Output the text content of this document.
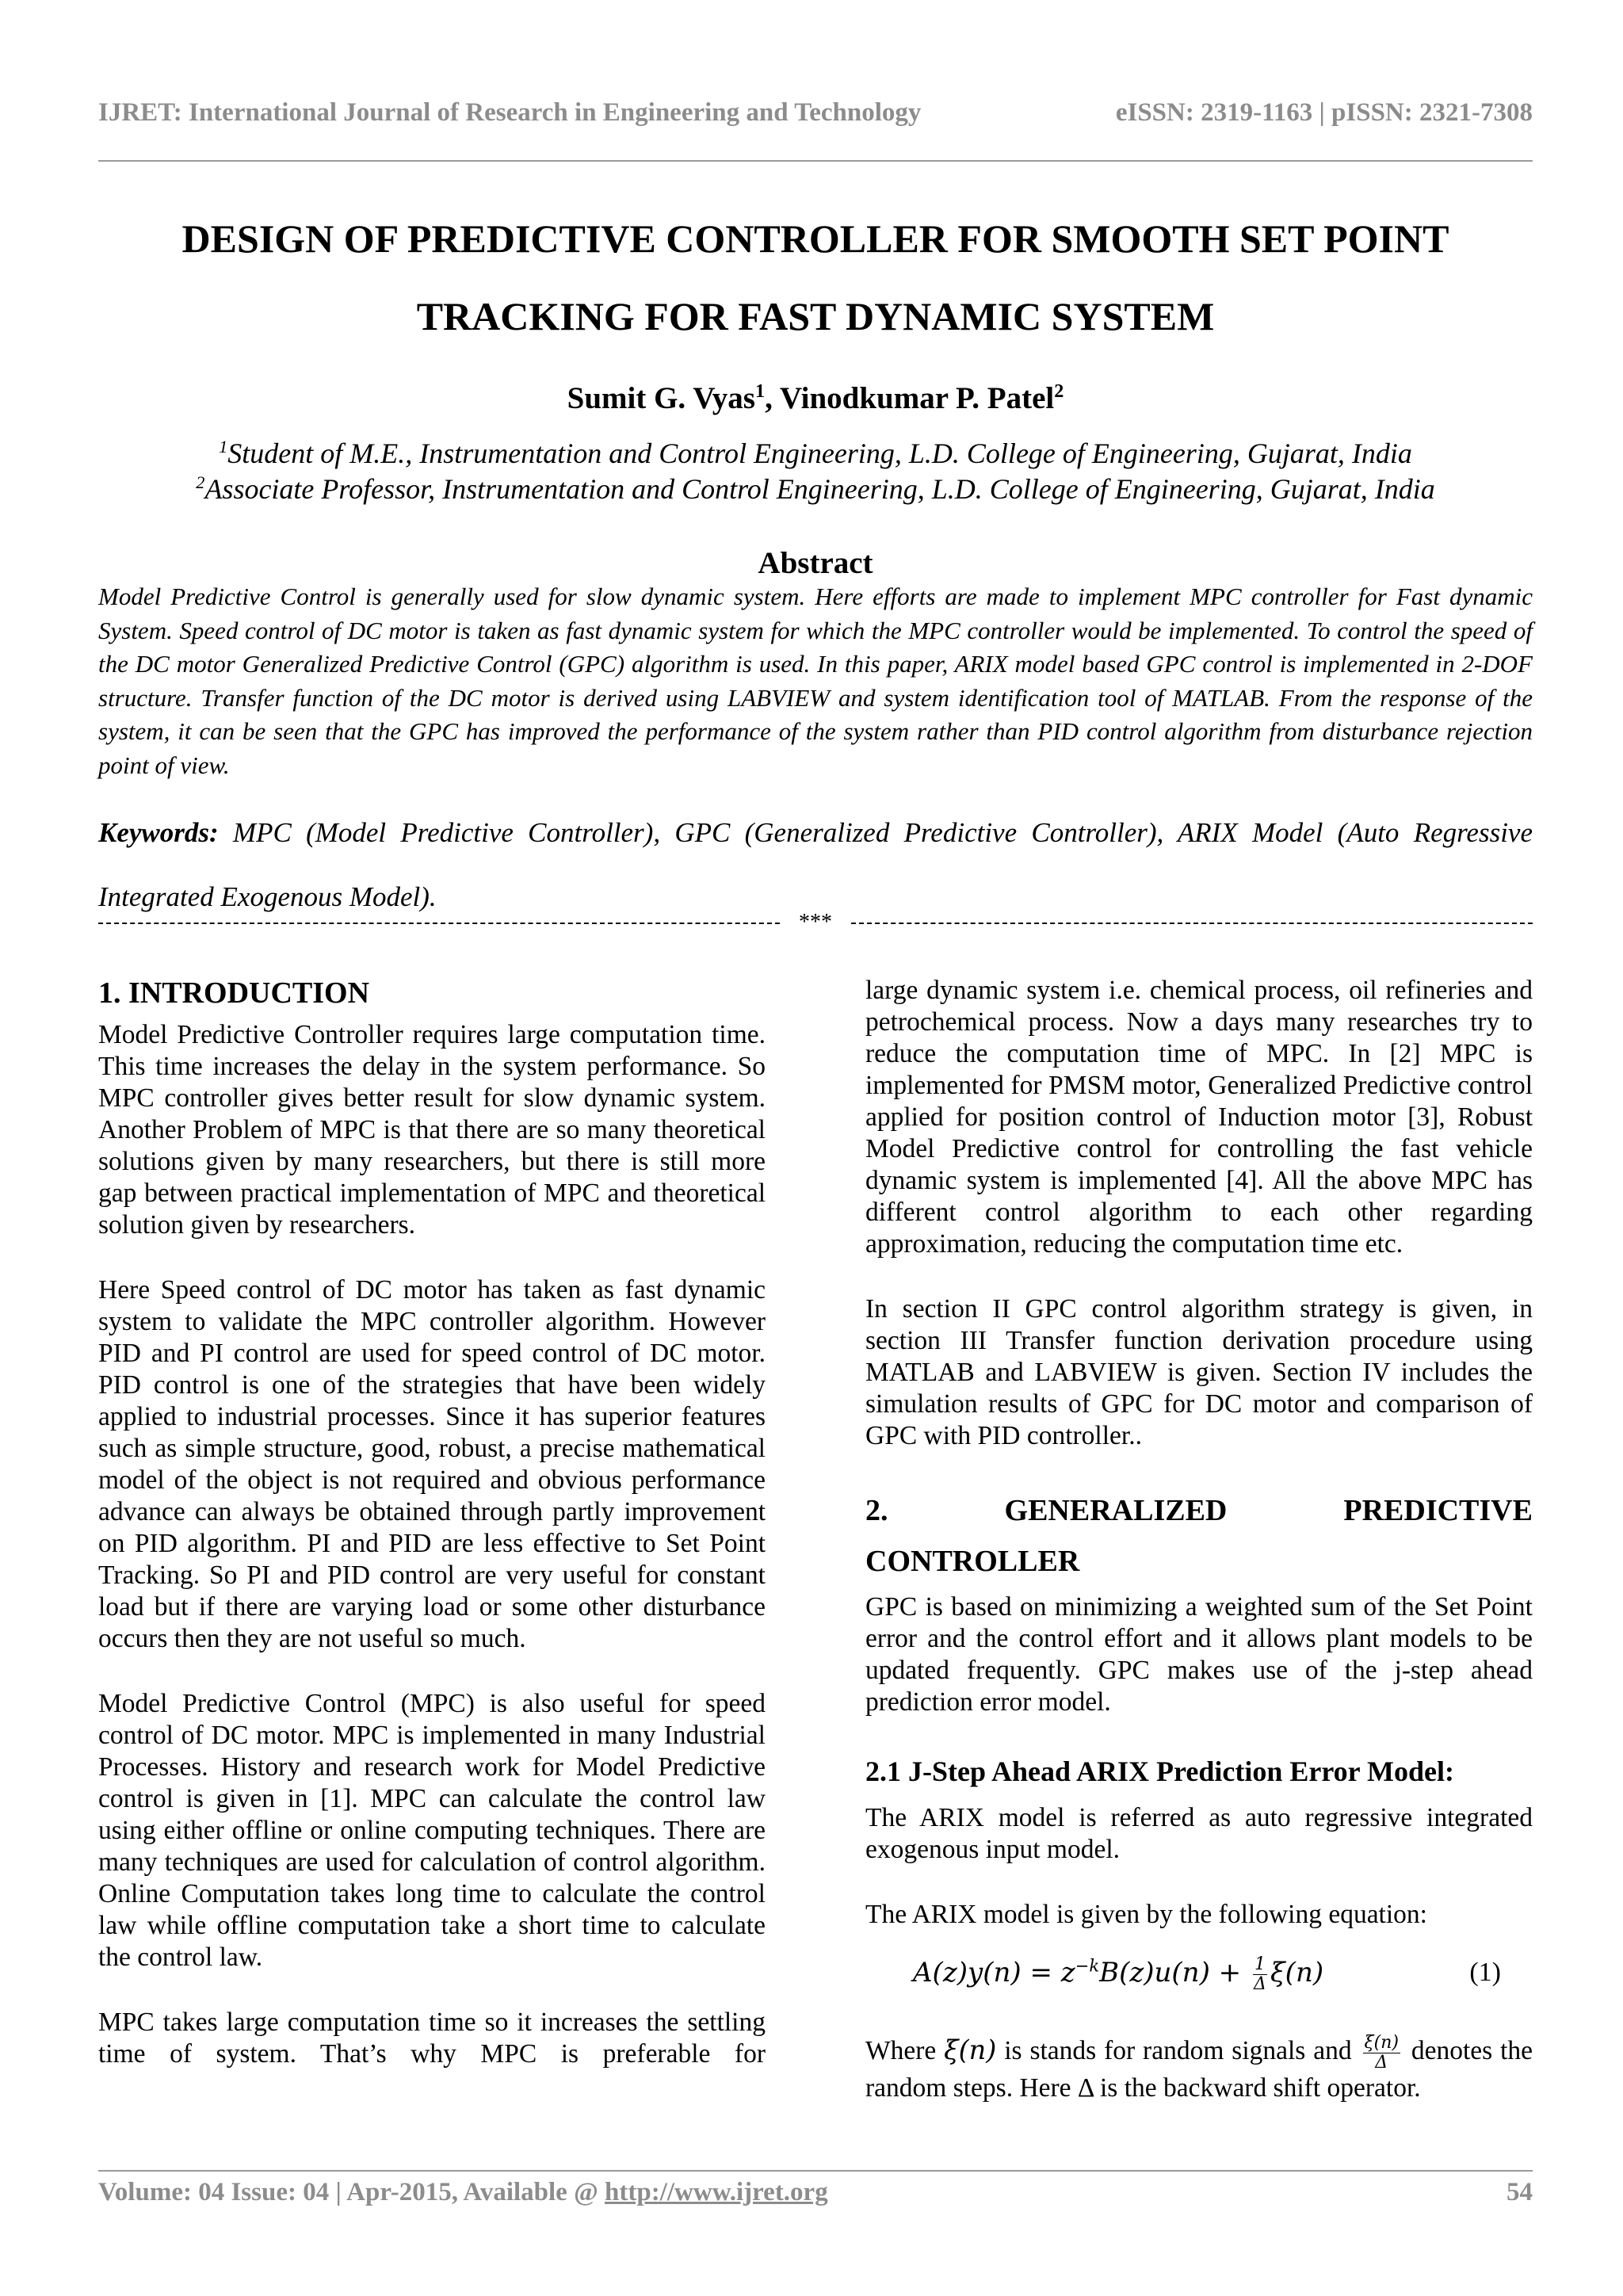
IJRET: International Journal of Research in Engineering and Technology	eISSN: 2319-1163 | pISSN: 2321-7308
DESIGN OF PREDICTIVE CONTROLLER FOR SMOOTH SET POINT
TRACKING FOR FAST DYNAMIC SYSTEM
Sumit G. Vyas$^1$, Vinodkumar P. Patel$^2$
$^1$Student of M.E., Instrumentation and Control Engineering, L.D. College of Engineering, Gujarat, India
$^2$Associate Professor, Instrumentation and Control Engineering, L.D. College of Engineering, Gujarat, India
Abstract
Model Predictive Control is generally used for slow dynamic system. Here efforts are made to implement MPC controller for Fast dynamic System. Speed control of DC motor is taken as fast dynamic system for which the MPC controller would be implemented. To control the speed of the DC motor Generalized Predictive Control (GPC) algorithm is used. In this paper, ARIX model based GPC control is implemented in 2-DOF structure. Transfer function of the DC motor is derived using LABVIEW and system identification tool of MATLAB. From the response of the system, it can be seen that the GPC has improved the performance of the system rather than PID control algorithm from disturbance rejection point of view.
Keywords: MPC (Model Predictive Controller), GPC (Generalized Predictive Controller), ARIX Model (Auto Regressive Integrated Exogenous Model).
***
1. INTRODUCTION

Model Predictive Controller requires large computation time. This time increases the delay in the system performance. So MPC controller gives better result for slow dynamic system. Another Problem of MPC is that there are so many theoretical solutions given by many researchers, but there is still more gap between practical implementation of MPC and theoretical solution given by researchers.

Here Speed control of DC motor has taken as fast dynamic system to validate the MPC controller algorithm. However PID and PI control are used for speed control of DC motor. PID control is one of the strategies that have been widely applied to industrial processes. Since it has superior features such as simple structure, good, robust, a precise mathematical model of the object is not required and obvious performance advance can always be obtained through partly improvement on PID algorithm. PI and PID are less effective to Set Point Tracking. So PI and PID control are very useful for constant load but if there are varying load or some other disturbance occurs then they are not useful so much.

Model Predictive Control (MPC) is also useful for speed control of DC motor. MPC is implemented in many Industrial Processes. History and research work for Model Predictive control is given in [1]. MPC can calculate the control law using either offline or online computing techniques. There are many techniques are used for calculation of control algorithm. Online Computation takes long time to calculate the control law while offline computation take a short time to calculate the control law.

MPC takes large computation time so it increases the settling time of system. That’s why MPC is preferable for

large dynamic system i.e. chemical process, oil refineries and petrochemical process. Now a days many researches try to reduce the computation time of MPC. In [2] MPC is implemented for PMSM motor, Generalized Predictive control applied for position control of Induction motor [3], Robust Model Predictive control for controlling the fast vehicle dynamic system is implemented [4]. All the above MPC has different control algorithm to each other regarding approximation, reducing the computation time etc.

In section II GPC control algorithm strategy is given, in section III Transfer function derivation procedure using MATLAB and LABVIEW is given. Section IV includes the simulation results of GPC for DC motor and comparison of GPC with PID controller..

2.	GENERALIZED	PREDICTIVE
CONTROLLER

GPC is based on minimizing a weighted sum of the Set Point error and the control effort and it allows plant models to be updated frequently. GPC makes use of the j-step ahead prediction error model.

2.1 J-Step Ahead ARIX Prediction Error Model:

The ARIX model is referred as auto regressive integrated exogenous input model.

The ARIX model is given by the following equation:

$A(z)y(n) = z^{-k}B(z)u(n) + \frac{1}{\Delta} \xi(n)$	(1)

Where ξ(n) is stands for random signals and $\frac{\xi(n)}{\Delta}$ denotes the random steps. Here Δ is the backward shift operator.

Volume: 04 Issue: 04 | Apr-2015, Available @ http://www.ijret.org	54
